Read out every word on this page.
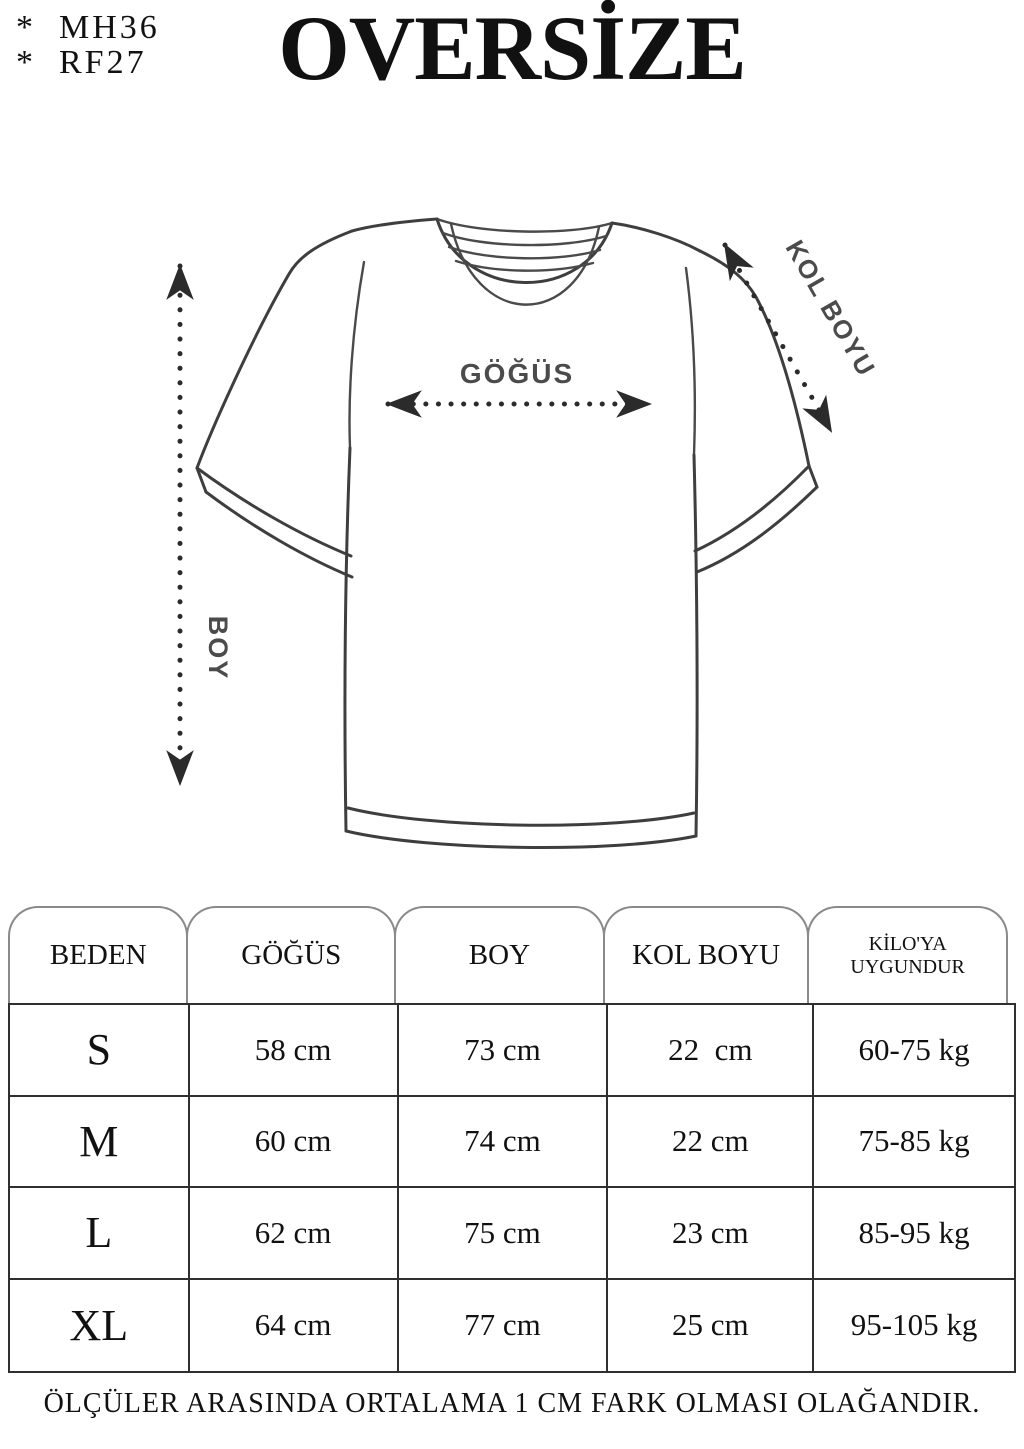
*  MH36
*  RF27	OVERSİZE
BOY
GÖĞÜS	KOL BOYU
BEDEN	GÖĞÜS	BOY	KOL BOYU	KİLO'YA UYGUNDUR
S	58 cm	73 cm	22  cm	60-75 kg
M	60 cm	74 cm	22 cm	75-85 kg
L	62 cm	75 cm	23 cm	85-95 kg
XL	64 cm	77 cm	25 cm	95-105 kg
ÖLÇÜLER ARASINDA ORTALAMA 1 CM FARK OLMASI OLAĞANDIR.
